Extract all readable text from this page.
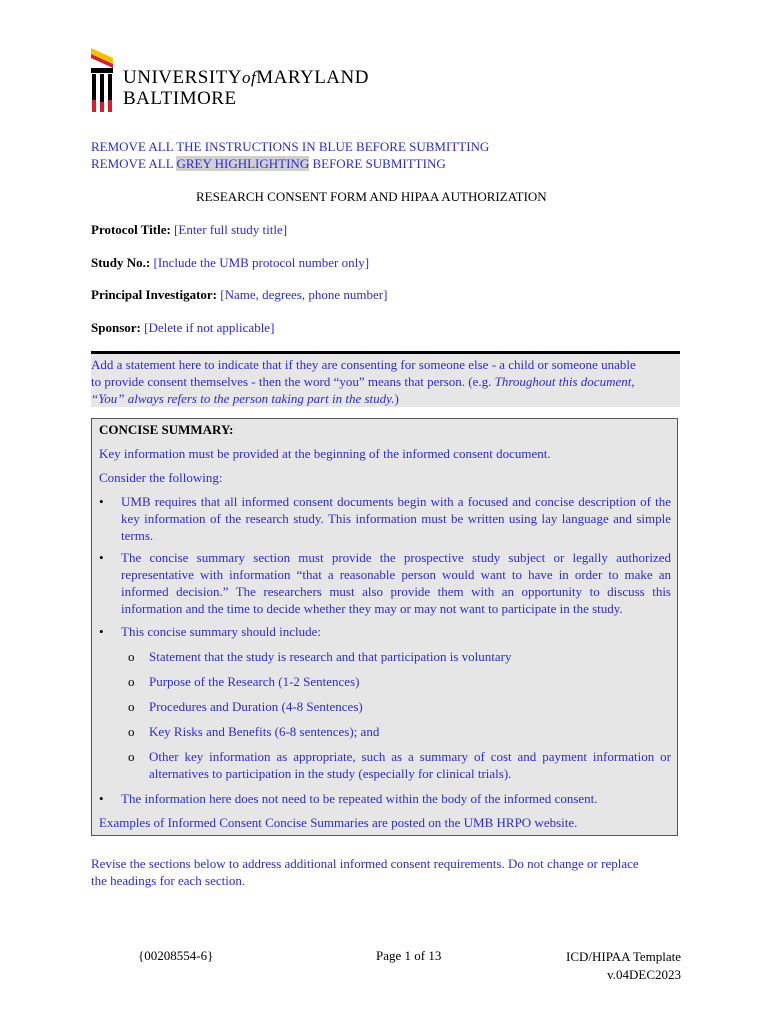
UNIVERSITYofMARYLAND
BALTIMORE
REMOVE ALL THE INSTRUCTIONS IN BLUE BEFORE SUBMITTING
REMOVE ALL GREY HIGHLIGHTING BEFORE SUBMITTING
RESEARCH CONSENT FORM AND HIPAA AUTHORIZATION
Protocol Title: [Enter full study title]
Study No.: [Include the UMB protocol number only]
Principal Investigator: [Name, degrees, phone number]
Sponsor: [Delete if not applicable]
Add a statement here to indicate that if they are consenting for someone else - a child or someone unable
to provide consent themselves - then the word “you” means that person. (e.g. Throughout this document,
“You” always refers to the person taking part in the study.)
CONCISE SUMMARY:
Key information must be provided at the beginning of the informed consent document.
Consider the following:
• UMB requires that all informed consent documents begin with a focused and concise description of the key information of the research study. This information must be written using lay language and simple terms.
• The concise summary section must provide the prospective study subject or legally authorized representative with information “that a reasonable person would want to have in order to make an informed decision.” The researchers must also provide them with an opportunity to discuss this information and the time to decide whether they may or may not want to participate in the study.
• This concise summary should include:
o Statement that the study is research and that participation is voluntary
o Purpose of the Research (1-2 Sentences)
o Procedures and Duration (4-8 Sentences)
o Key Risks and Benefits (6-8 sentences); and
o Other key information as appropriate, such as a summary of cost and payment information or alternatives to participation in the study (especially for clinical trials).
• The information here does not need to be repeated within the body of the informed consent.
Examples of Informed Consent Concise Summaries are posted on the UMB HRPO website.
Revise the sections below to address additional informed consent requirements. Do not change or replace
the headings for each section.
{00208554-6}	Page 1 of 13	ICD/HIPAA Template
v.04DEC2023
